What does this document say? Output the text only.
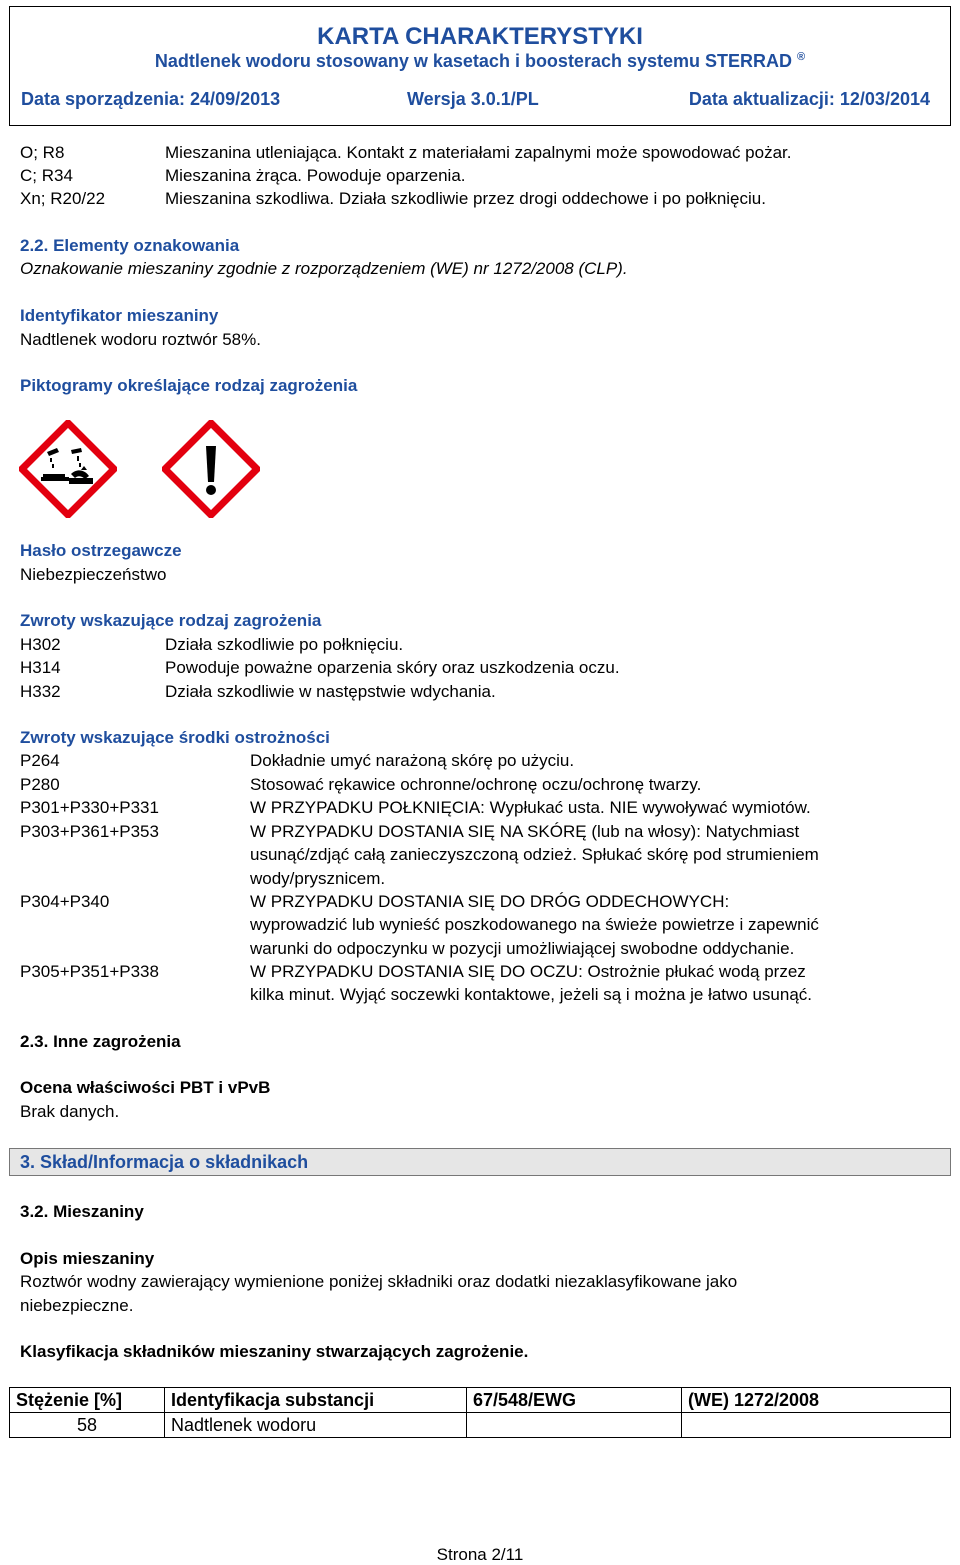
KARTA CHARAKTERYSTYKI
Nadtlenek wodoru stosowany w kasetach i boosterach systemu STERRAD ®
Data sporządzenia: 24/09/2013	Wersja 3.0.1/PL	Data aktualizacji: 12/03/2014
O; R8	Mieszanina utleniająca. Kontakt z materiałami zapalnymi może spowodować pożar.
C; R34	Mieszanina żrąca. Powoduje oparzenia.
Xn; R20/22	Mieszanina szkodliwa. Działa szkodliwie przez drogi oddechowe i po połknięciu.
2.2. Elementy oznakowania
Oznakowanie mieszaniny zgodnie z rozporządzeniem (WE) nr 1272/2008 (CLP).
Identyfikator mieszaniny
Nadtlenek wodoru roztwór 58%.
Piktogramy określające rodzaj zagrożenia
Hasło ostrzegawcze
Niebezpieczeństwo
Zwroty wskazujące rodzaj zagrożenia
H302	Działa szkodliwie po połknięciu.
H314	Powoduje poważne oparzenia skóry oraz uszkodzenia oczu.
H332	Działa szkodliwie w następstwie wdychania.
Zwroty wskazujące środki ostrożności
P264	Dokładnie umyć narażoną skórę po użyciu.
P280	Stosować rękawice ochronne/ochronę oczu/ochronę twarzy.
P301+P330+P331	W PRZYPADKU POŁKNIĘCIA: Wypłukać usta. NIE wywoływać wymiotów.
P303+P361+P353	W PRZYPADKU DOSTANIA SIĘ NA SKÓRĘ (lub na włosy): Natychmiast
usunąć/zdjąć całą zanieczyszczoną odzież. Spłukać skórę pod strumieniem
wody/prysznicem.
P304+P340	W PRZYPADKU DOSTANIA SIĘ DO DRÓG ODDECHOWYCH:
wyprowadzić lub wynieść poszkodowanego na świeże powietrze i zapewnić
warunki do odpoczynku w pozycji umożliwiającej swobodne oddychanie.
P305+P351+P338	W PRZYPADKU DOSTANIA SIĘ DO OCZU: Ostrożnie płukać wodą przez
kilka minut. Wyjąć soczewki kontaktowe, jeżeli są i można je łatwo usunąć.
2.3. Inne zagrożenia
Ocena właściwości PBT i vPvB
Brak danych.
3. Skład/Informacja o składnikach
3.2. Mieszaniny
Opis mieszaniny
Roztwór wodny zawierający wymienione poniżej składniki oraz dodatki niezaklasyfikowane jako
niebezpieczne.
Klasyfikacja składników mieszaniny stwarzających zagrożenie.
Stężenie [%]	Identyfikacja substancji	67/548/EWG	(WE) 1272/2008
58	Nadtlenek wodoru		
Strona 2/11
